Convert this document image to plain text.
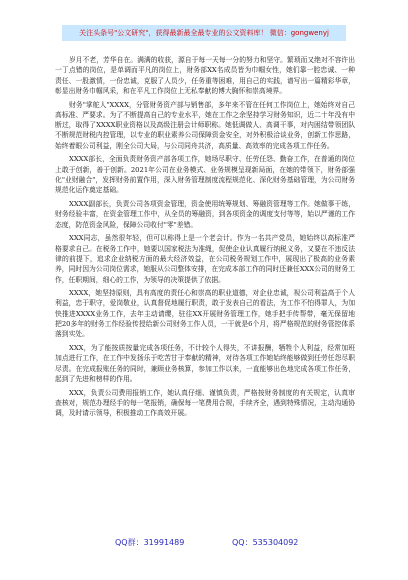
关注头条号"公文研究"，获得最新最全最专业的公文资料库！ 微信：gongwenyj

岁月不老，芳华自在。满满的收获，源自于每一天每一分的努力和坚守。繁琐而又绝对不容许出一丁点错的岗位，是单调而平凡的岗位上，财务部XX名成员皆为巾帼女性，她们靠一腔忠诚、一种责任、一股激情，一份忠诚，克服了人员少，任务重等困难，用自己的实践，谱写出一篇精彩华章，彰显出财务巾帼风采，和在平凡工作岗位上无私奉献的博大胸怀和崇高境界。

财务"掌舵人"XXXX，分管财务资产部与销售部，多年来不管在任何工作岗位上，她始终对自己高标准、严要求。为了不断提高自己的专业水平，她在工作之余坚持学习财务知识，近二十年没有中断过，取得了XXXX职业资格以及高级注册会计师职称。她低调做人、高调干事，对内困结带领团队不断规范财税内控管理，以专业的职业素养公司保障资金安全，对外积极洽谈业务，创新工作思路，始终着眼公司利益，刚全公司大局，与公司同舟共济，高质量、高效率的完成各项工作任务。

XXXX部长，全面负责财务资产部各项工作，她场尽职守、任劳任怨、勤奋工作，在普通的岗位上敢于创新，善于创新。2021年公司在业务模式、业务规模呈现新局面，在她的带领下，财务部强化"业财融合"，发挥财务前置作用，深入财务管理制度流程规范化、深化财务基础管理，为公司财务规范化运作奠定基础。

XXXX副部长，负责公司各项资金管理，资金使用统筹规划、筹融资管理等工作。她做事干练，财务经验丰富，在资金管理工作中，从全员的筹融资，到各项资金的调度支付等等，始以严谨的工作态度，防范资金风险，保障公司收付"零"差错。

XXX同志，虽然很年轻，但可以称得上是一个老会计。作为一名共产党员，她始终以高标准严格要求自己。在税务工作中，她要以国家税法为准绳，促使企业认真履行纳税义务，又要在不违反法律的前提下，追求企业纳税方面的最大经济效益，在公司税务规划工作中，展现出了极高的业务素养，同时因为公司岗位需求，她服从公司整体安排，在完成本部工作的同时还兼任XXX公司的财务工作，任职期间，细心的工作，为领导的决策提供了依据。

XXXX，她坚持原则，具有高度的责任心和崇高的职业道德，对企业忠诚，视公司利益高于个人利益，忠于职守，爱岗敬业，认真督促地履行职责，敢于发表自己的看法，为工作不怕得罪人，为加快推进XXXX业务工作，去年主动请缨，驻往XX开展财务管理工作，她手把手传帮带，毫无保留地把20多年的财务工作经验传授给新公司财务工作人员，一干就是6个月，将严格规范的财务管控体系落到实处。

XXX，为了能按质按量完成各项任务，不计较个人得失，不讲报酬，牺牲个人利益，经常加班加点进行工作，在工作中发扬乐于吃苦甘于奉献的精神，对待各项工作她始终能够做到任劳任怨尽职尽责。在完成报账任务的同时，兼顾业务核算，参加工作以来，一直能够出色地完成各项工作任务，起到了先进和榜样的作用。

XXX，负责公司费用报销工作，她认真仔细、谨慎负责，严格按财务制度的有关规定，认真审查核对，规范办理经手的每一笔报销，确保每一笔费用合规，手续齐全，遇到特殊情况，主动沟通协调，及时请示领导，积极推动工作高效开展。

QQ群：31991489	QQ：535304092
